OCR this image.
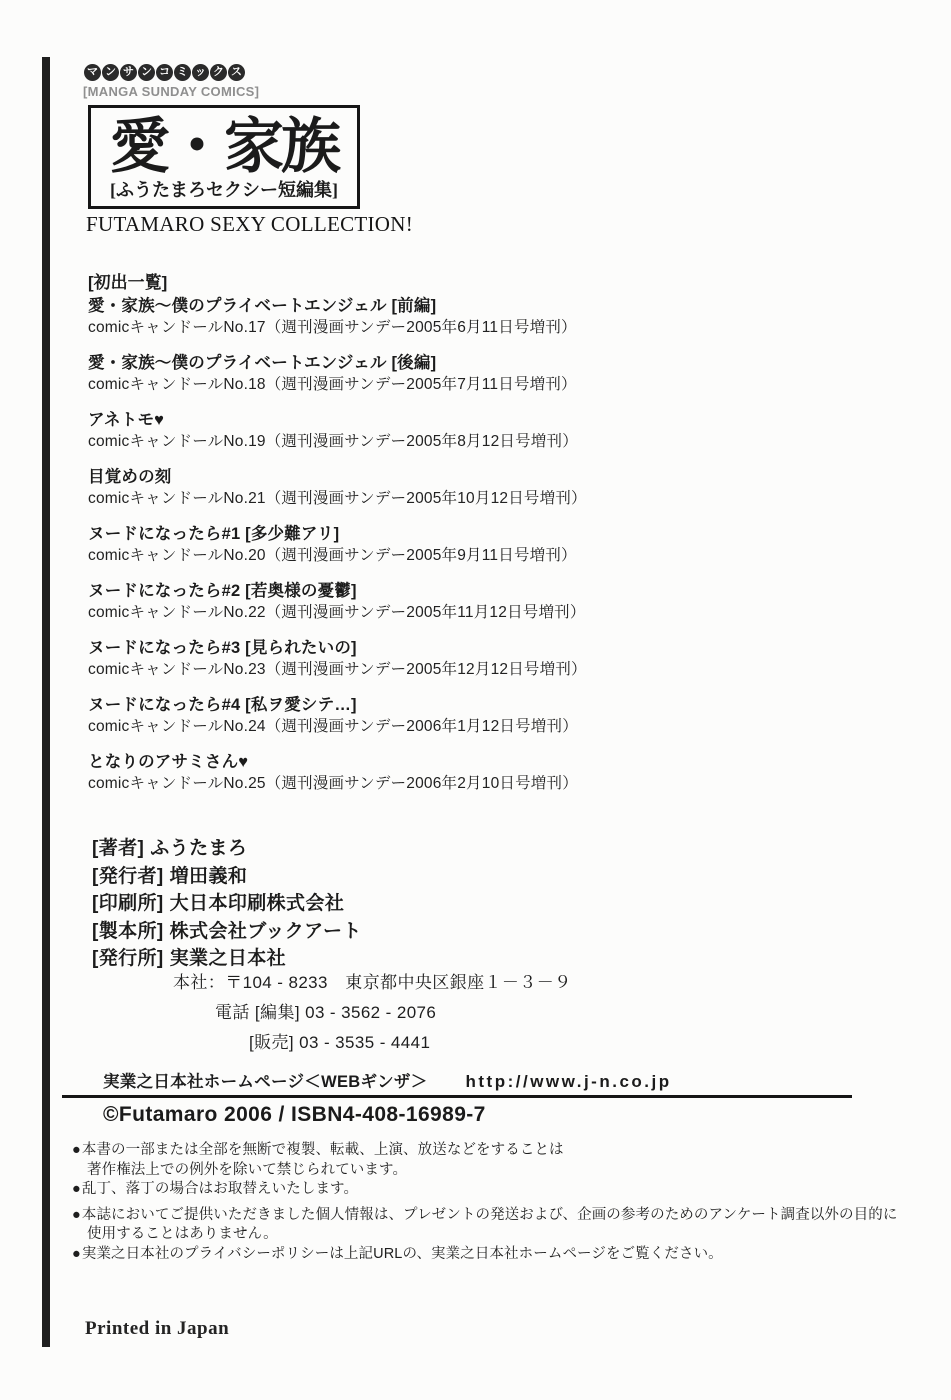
マ ン サ ン コ ミ ッ ク ス
[MANGA SUNDAY COMICS]
愛・家族
[ふうたまろセクシー短編集]
FUTAMARO SEXY COLLECTION!
[初出一覧]
愛・家族～僕のプライベートエンジェル [前編]
comicキャンドールNo.17（週刊漫画サンデー2005年6月11日号増刊）
愛・家族～僕のプライベートエンジェル [後編]
comicキャンドールNo.18（週刊漫画サンデー2005年7月11日号増刊）
アネトモ♥
comicキャンドールNo.19（週刊漫画サンデー2005年8月12日号増刊）
目覚めの刻
comicキャンドールNo.21（週刊漫画サンデー2005年10月12日号増刊）
ヌードになったら#1 [多少難アリ]
comicキャンドールNo.20（週刊漫画サンデー2005年9月11日号増刊）
ヌードになったら#2 [若奥様の憂鬱]
comicキャンドールNo.22（週刊漫画サンデー2005年11月12日号増刊）
ヌードになったら#3 [見られたいの]
comicキャンドールNo.23（週刊漫画サンデー2005年12月12日号増刊）
ヌードになったら#4 [私ヲ愛シテ…]
comicキャンドールNo.24（週刊漫画サンデー2006年1月12日号増刊）
となりのアサミさん♥
comicキャンドールNo.25（週刊漫画サンデー2006年2月10日号増刊）
[著者] ふうたまろ
[発行者] 増田義和
[印刷所] 大日本印刷株式会社
[製本所] 株式会社ブックアート
[発行所] 実業之日本社
本社：〒104 - 8233　東京都中央区銀座１－３－９
電話 [編集] 03 - 3562 - 2076
[販売] 03 - 3535 - 4441
実業之日本社ホームページ＜WEBギンザ＞ http://www.j-n.co.jp
©Futamaro 2006 / ISBN4-408-16989-7
●本書の一部または全部を無断で複製、転載、上演、放送などをすることは
著作権法上での例外を除いて禁じられています。
●乱丁、落丁の場合はお取替えいたします。
●本誌においてご提供いただきました個人情報は、プレゼントの発送および、企画の参考のためのアンケート調査以外の目的に
使用することはありません。
●実業之日本社のプライバシーポリシーは上記URLの、実業之日本社ホームページをご覧ください。
Printed in Japan
